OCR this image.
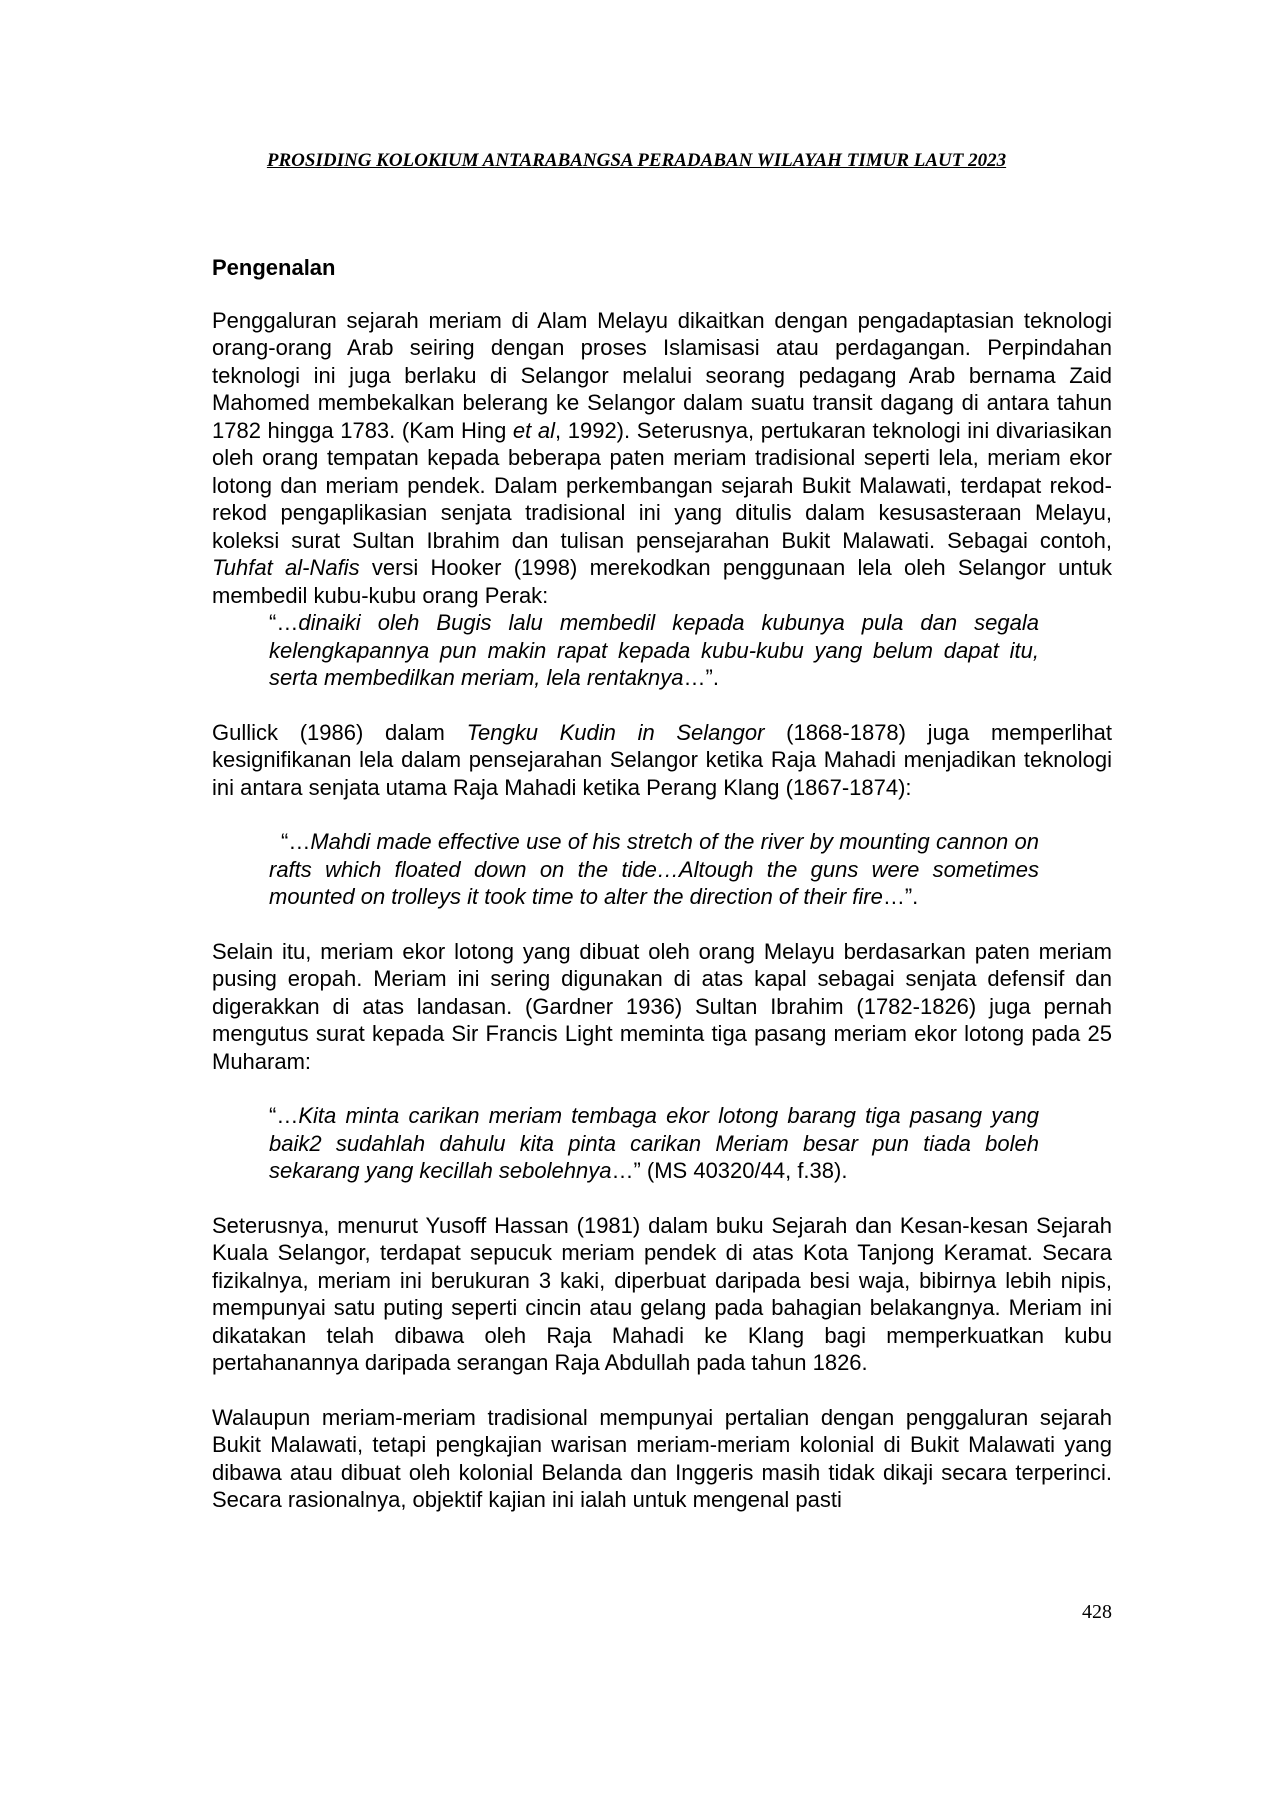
PROSIDING KOLOKIUM ANTARABANGSA PERADABAN WILAYAH TIMUR LAUT 2023
Pengenalan

Penggaluran sejarah meriam di Alam Melayu dikaitkan dengan pengadaptasian teknologi orang-orang Arab seiring dengan proses Islamisasi atau perdagangan. Perpindahan teknologi ini juga berlaku di Selangor melalui seorang pedagang Arab bernama Zaid Mahomed membekalkan belerang ke Selangor dalam suatu transit dagang di antara tahun 1782 hingga 1783. (Kam Hing et al, 1992). Seterusnya, pertukaran teknologi ini divariasikan oleh orang tempatan kepada beberapa paten meriam tradisional seperti lela, meriam ekor lotong dan meriam pendek. Dalam perkembangan sejarah Bukit Malawati, terdapat rekod-rekod pengaplikasian senjata tradisional ini yang ditulis dalam kesusasteraan Melayu, koleksi surat Sultan Ibrahim dan tulisan pensejarahan Bukit Malawati. Sebagai contoh, Tuhfat al-Nafis versi Hooker (1998) merekodkan penggunaan lela oleh Selangor untuk membedil kubu-kubu orang Perak:

“…dinaiki oleh Bugis lalu membedil kepada kubunya pula dan segala kelengkapannya pun makin rapat kepada kubu-kubu yang belum dapat itu, serta membedilkan meriam, lela rentaknya…”.

Gullick (1986) dalam Tengku Kudin in Selangor (1868-1878) juga memperlihat kesignifikanan lela dalam pensejarahan Selangor ketika Raja Mahadi menjadikan teknologi ini antara senjata utama Raja Mahadi ketika Perang Klang (1867-1874):

“…Mahdi made effective use of his stretch of the river by mounting cannon on rafts which floated down on the tide…Altough the guns were sometimes mounted on trolleys it took time to alter the direction of their fire…”.

Selain itu, meriam ekor lotong yang dibuat oleh orang Melayu berdasarkan paten meriam pusing eropah. Meriam ini sering digunakan di atas kapal sebagai senjata defensif dan digerakkan di atas landasan. (Gardner 1936) Sultan Ibrahim (1782-1826) juga pernah mengutus surat kepada Sir Francis Light meminta tiga pasang meriam ekor lotong pada 25 Muharam:

“…Kita minta carikan meriam tembaga ekor lotong barang tiga pasang yang baik2 sudahlah dahulu kita pinta carikan Meriam besar pun tiada boleh sekarang yang kecillah sebolehnya…” (MS 40320/44, f.38).

Seterusnya, menurut Yusoff Hassan (1981) dalam buku Sejarah dan Kesan-kesan Sejarah Kuala Selangor, terdapat sepucuk meriam pendek di atas Kota Tanjong Keramat. Secara fizikalnya, meriam ini berukuran 3 kaki, diperbuat daripada besi waja, bibirnya lebih nipis, mempunyai satu puting seperti cincin atau gelang pada bahagian belakangnya. Meriam ini dikatakan telah dibawa oleh Raja Mahadi ke Klang bagi memperkuatkan kubu pertahanannya daripada serangan Raja Abdullah pada tahun 1826.

Walaupun meriam-meriam tradisional mempunyai pertalian dengan penggaluran sejarah Bukit Malawati, tetapi pengkajian warisan meriam-meriam kolonial di Bukit Malawati yang dibawa atau dibuat oleh kolonial Belanda dan Inggeris masih tidak dikaji secara terperinci. Secara rasionalnya, objektif kajian ini ialah untuk mengenal pasti

428
